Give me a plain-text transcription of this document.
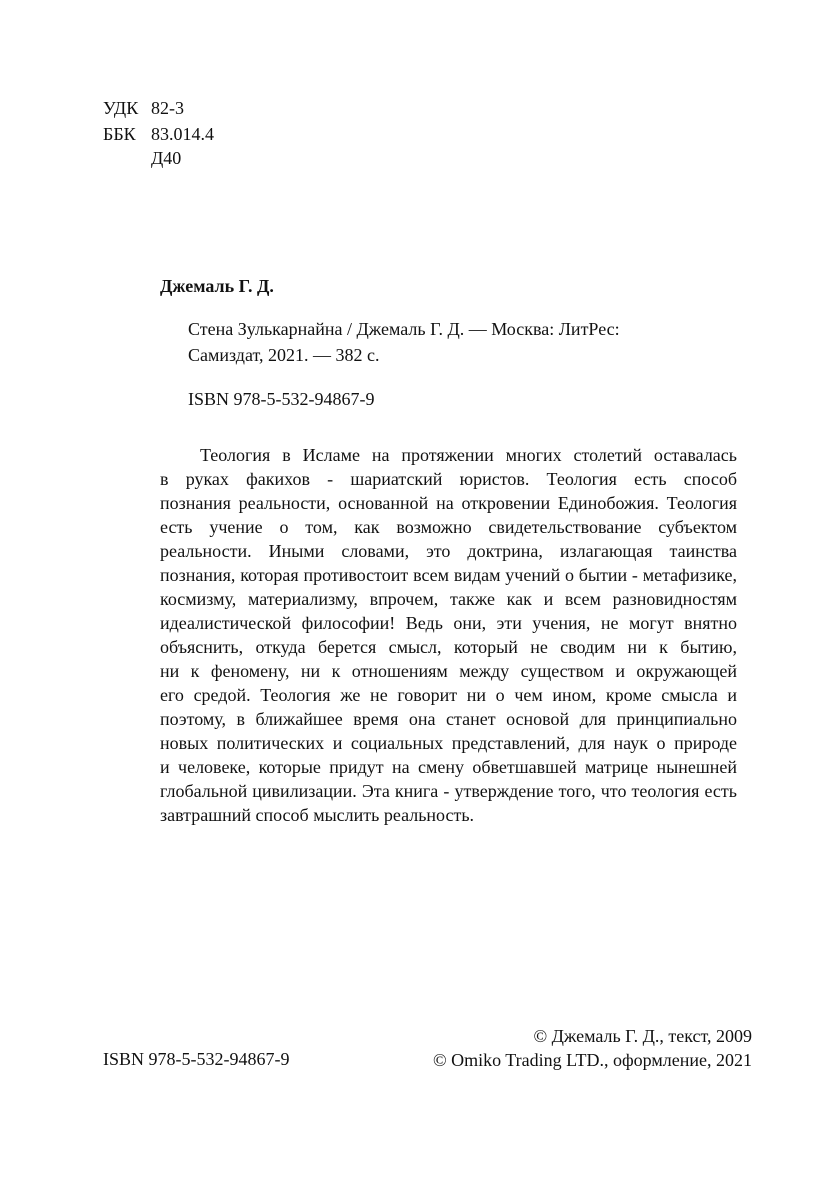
УДК 82-3
ББК 83.014.4
Д40
Джемаль Г. Д.
Стена Зулькарнайна / Джемаль Г. Д. — Москва: ЛитРес:
Самиздат, 2021. — 382 с.
ISBN 978-5-532-94867-9
Теология в Исламе на протяжении многих столетий оставалась
в руках факихов - шариатский юристов. Теология есть способ
познания реальности, основанной на откровении Единобожия. Теология
есть учение о том, как возможно свидетельствование субъектом
реальности. Иными словами, это доктрина, излагающая таинства
познания, которая противостоит всем видам учений о бытии - метафизике,
космизму, материализму, впрочем, также как и всем разновидностям
идеалистической философии! Ведь они, эти учения, не могут внятно
объяснить, откуда берется смысл, который не сводим ни к бытию,
ни к феномену, ни к отношениям между существом и окружающей
его средой. Теология же не говорит ни о чем ином, кроме смысла и
поэтому, в ближайшее время она станет основой для принципиально
новых политических и социальных представлений, для наук о природе
и человеке, которые придут на смену обветшавшей матрице нынешней
глобальной цивилизации. Эта книга - утверждение того, что теология есть
завтрашний способ мыслить реальность.
ISBN 978-5-532-94867-9
© Джемаль Г. Д., текст, 2009
© Omiko Trading LTD., оформление, 2021
